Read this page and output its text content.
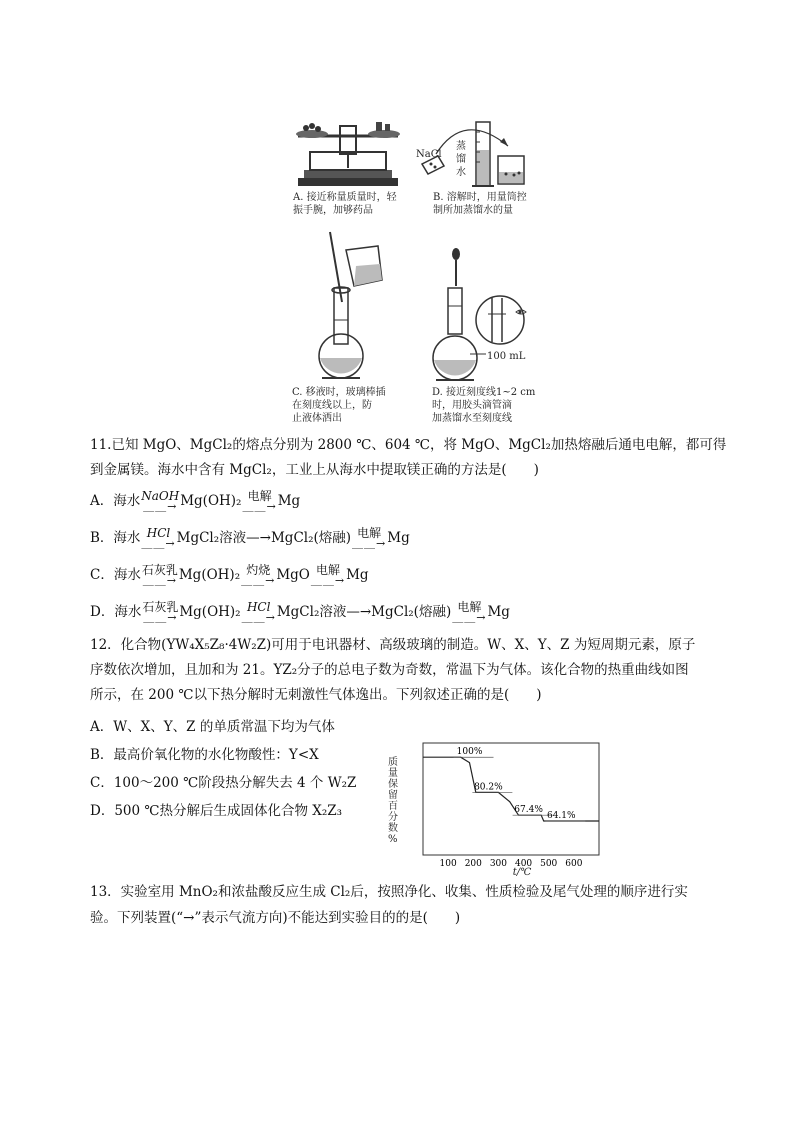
A. 接近称量质量时，轻
振手腕，加够药品
NaCl
蒸
馏
水
B. 溶解时，用量筒控
制所加蒸馏水的量
C. 移液时，玻璃棒插
在刻度线以上，防
止液体洒出
100 mL
D. 接近刻度线1~2 cm
时，用胶头滴管滴
加蒸馏水至刻度线
11.已知 MgO、MgCl₂的熔点分别为 2800 ℃、604 ℃，将 MgO、MgCl₂加热熔融后通电电解，都可得
到金属镁。海水中含有 MgCl₂，工业上从海水中提取镁正确的方法是(　　)
A．海水 NaOH
＿＿→ Mg(OH)₂ 电解
＿＿→ Mg
B．海水 HCl
＿＿→ MgCl₂溶液—→MgCl₂(熔融) 电解
＿＿→ Mg
C．海水 石灰乳
＿＿→ Mg(OH)₂ 灼烧
＿＿→ MgO 电解
＿＿→ Mg
D．海水 石灰乳
＿＿→ Mg(OH)₂ HCl
＿＿→ MgCl₂溶液—→MgCl₂(熔融) 电解
＿＿→ Mg
12．化合物(YW₄X₅Z₈·4W₂Z)可用于电讯器材、高级玻璃的制造。W、X、Y、Z 为短周期元素，原子
序数依次增加，且加和为 21。YZ₂分子的总电子数为奇数，常温下为气体。该化合物的热重曲线如图
所示，在 200 ℃以下热分解时无刺激性气体逸出。下列叙述正确的是(　　)
A．W、X、Y、Z 的单质常温下均为气体
B．最高价氧化物的水化物酸性：Y<X
C．100～200 ℃阶段热分解失去 4 个 W₂Z
D．500 ℃热分解后生成固体化合物 X₂Z₃
质量保留百分数%
100 200 300 400 500 600
100%
80.2%
67.4%
64.1%
t/℃
13．实验室用 MnO₂和浓盐酸反应生成 Cl₂后，按照净化、收集、性质检验及尾气处理的顺序进行实
验。下列装置(“→”表示气流方向)不能达到实验目的的是(　　)
